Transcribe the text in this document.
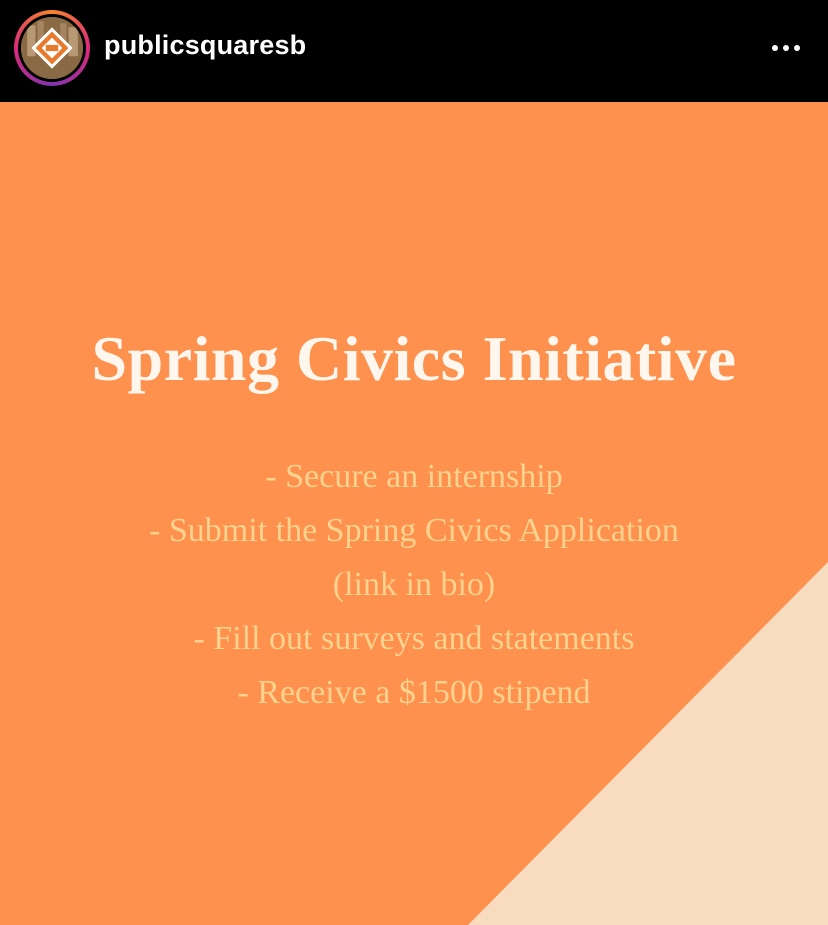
publicsquaresb
Spring Civics Initiative
- Secure an internship
- Submit the Spring Civics Application
(link in bio)
- Fill out surveys and statements
- Receive a $1500 stipend
